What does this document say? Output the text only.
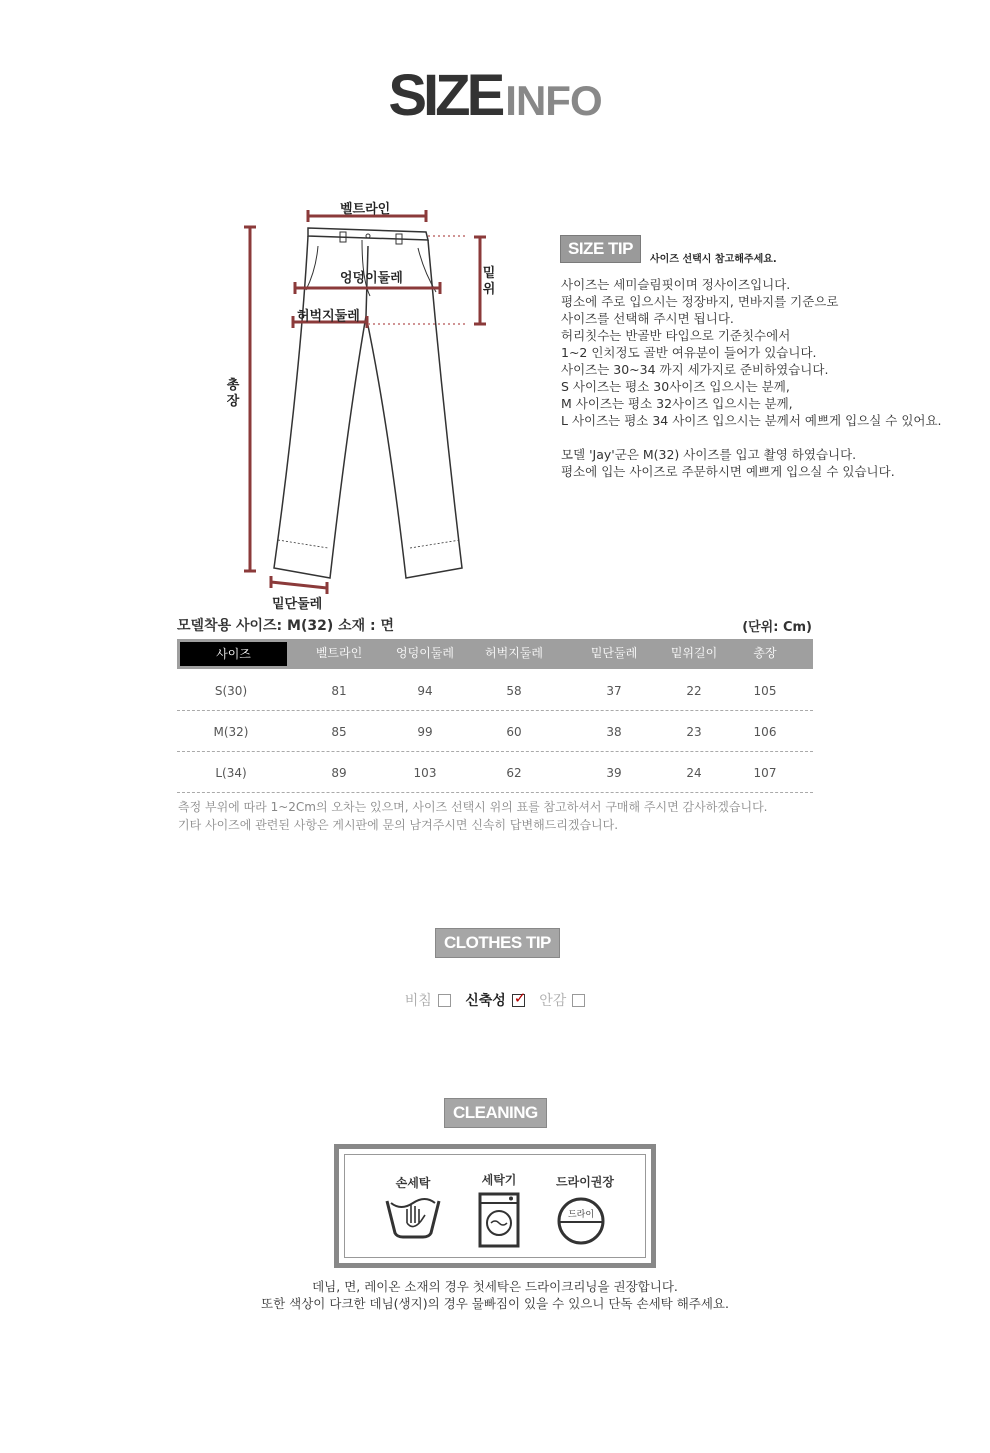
SIZEINFO
벨트라인
엉덩이둘레
허벅지둘레
밑위
총장
밑단둘레
SIZE TIP
사이즈 선택시 참고해주세요.
사이즈는 세미슬림핏이며 정사이즈입니다.
평소에 주로 입으시는 정장바지, 면바지를 기준으로
사이즈를 선택해 주시면 됩니다.
허리칫수는 반골반 타입으로 기준칫수에서
1~2 인치정도 골반 여유분이 들어가 있습니다.
사이즈는 30~34 까지 세가지로 준비하였습니다.
S 사이즈는 평소 30사이즈 입으시는 분께,
M 사이즈는 평소 32사이즈 입으시는 분께,
L 사이즈는 평소 34 사이즈 입으시는 분께서 예쁘게 입으실 수 있어요.
모델 'Jay'군은 M(32) 사이즈를 입고 촬영 하였습니다.
평소에 입는 사이즈로 주문하시면 예쁘게 입으실 수 있습니다.
모델착용 사이즈: M(32) 소재 : 면	(단위: Cm)
사이즈	벨트라인	엉덩이둘레	허벅지둘레	밑단둘레	밑위길이	총장
S(30)	81	94	58	37	22	105
M(32)	85	99	60	38	23	106
L(34)	89	103	62	39	24	107
측정 부위에 따라 1~2Cm의 오차는 있으며, 사이즈 선택시 위의 표를 참고하셔서 구매해 주시면 감사하겠습니다.
기타 사이즈에 관련된 사항은 게시판에 문의 남겨주시면 신속히 답변해드리겠습니다.
CLOTHES TIP
비침 신축성 ✓ 안감
CLEANING
손세탁	세탁기	드라이권장
드라이
데님, 면, 레이온 소재의 경우 첫세탁은 드라이크리닝을 권장합니다.
또한 색상이 다크한 데님(생지)의 경우 물빠짐이 있을 수 있으니 단독 손세탁 해주세요.
